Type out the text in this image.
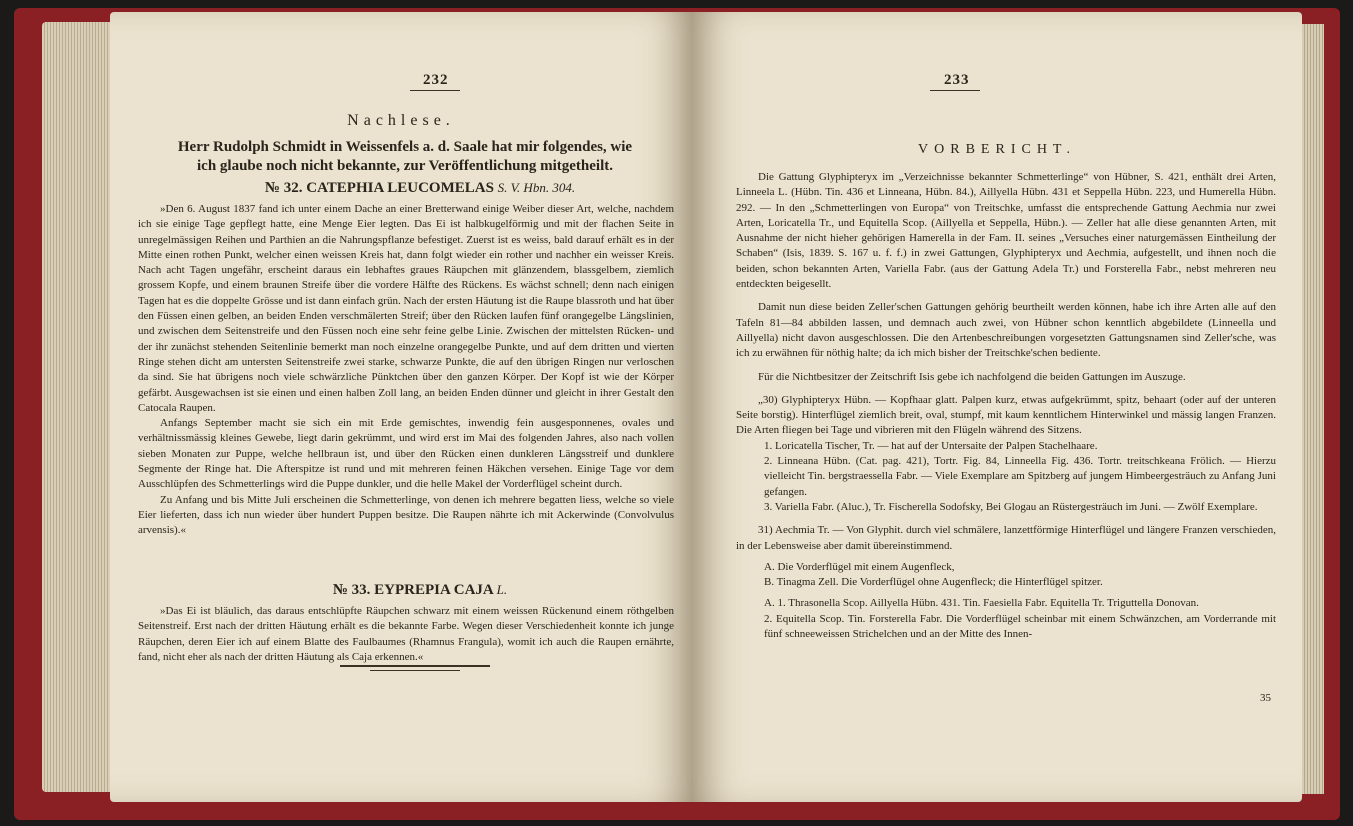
232
Nachlese.
Herr Rudolph Schmidt in Weissenfels a. d. Saale hat mir folgendes, wie ich glaube noch nicht bekannte, zur Veröffentlichung mitgetheilt.
№ 32. CATEPHIA LEUCOMELAS S. V. Hbn. 304.

»Den 6. August 1837 fand ich unter einem Dache an einer Bretterwand einige Weiber dieser Art, welche, nachdem ich sie einige Tage gepflegt hatte, eine Menge Eier legten. Das Ei ist halbkugelförmig und mit der flachen Seite in unregelmässigen Reihen und Parthien an die Nahrungspflanze befestiget. Zuerst ist es weiss, bald darauf erhält es in der Mitte einen rothen Punkt, welcher einen weissen Kreis hat, dann folgt wieder ein rother und nachher ein weisser Kreis. Nach acht Tagen ungefähr, erscheint daraus ein lebhaftes graues Räupchen mit glänzendem, blassgelbem, ziemlich grossem Kopfe, und einem braunen Streife über die vordere Hälfte des Rückens. Es wächst schnell; denn nach einigen Tagen hat es die doppelte Grösse und ist dann einfach grün. Nach der ersten Häutung ist die Raupe blassroth und hat über den Füssen einen gelben, an beiden Enden verschmälerten Streif; über den Rücken laufen fünf orangegelbe Längslinien, und zwischen dem Seitenstreife und den Füssen noch eine sehr feine gelbe Linie. Zwischen der mittelsten Rücken- und der ihr zunächst stehenden Seitenlinie bemerkt man noch einzelne orangegelbe Punkte, und auf dem dritten und vierten Ringe stehen dicht am untersten Seitenstreife zwei starke, schwarze Punkte, die auf den übrigen Ringen nur verloschen da sind. Sie hat übrigens noch viele schwärzliche Pünktchen über den ganzen Körper. Der Kopf ist wie der Körper gefärbt. Ausgewachsen ist sie einen und einen halben Zoll lang, an beiden Enden dünner und gleicht in ihrer Gestalt den Catocala Raupen.

Anfangs September macht sie sich ein mit Erde gemischtes, inwendig fein ausgesponnenes, ovales und verhältnissmässig kleines Gewebe, liegt darin gekrümmt, und wird erst im Mai des folgenden Jahres, also nach vollen sieben Monaten zur Puppe, welche hellbraun ist, und über den Rücken einen dunkleren Längsstreif und dunklere Segmente der Ringe hat. Die Afterspitze ist rund und mit mehreren feinen Häkchen versehen. Einige Tage vor dem Ausschlüpfen des Schmetterlings wird die Puppe dunkler, und die helle Makel der Vorderflügel scheint durch.

Zu Anfang und bis Mitte Juli erscheinen die Schmetterlinge, von denen ich mehrere begatten liess, welche so viele Eier lieferten, dass ich nun wieder über hundert Puppen besitze. Die Raupen nährte ich mit Ackerwinde (Convolvulus arvensis).«

№ 33. EYPREPIA CAJA L.

»Das Ei ist bläulich, das daraus entschlüpfte Räupchen schwarz mit einem weissen Rückenund einem röthgelben Seitenstreif. Erst nach der dritten Häutung erhält es die bekannte Farbe. Wegen dieser Verschiedenheit konnte ich junge Räupchen, deren Eier ich auf einem Blatte des Faulbaumes (Rhamnus Frangula), womit ich auch die Raupen ernährte, fand, nicht eher als nach der dritten Häutung als Caja erkennen.«

233
VORBERICHT.

Die Gattung Glyphipteryx im „Verzeichnisse bekannter Schmetterlinge“ von Hübner, S. 421, enthält drei Arten, Linneela L. (Hübn. Tin. 436 et Linneana, Hübn. 84.), Aillyella Hübn. 431 et Seppella Hübn. 223, und Humerella Hübn. 292. — In den „Schmetterlingen von Europa“ von Treitschke, umfasst die entsprechende Gattung Aechmia nur zwei Arten, Loricatella Tr., und Equitella Scop. (Aillyella et Seppella, Hübn.). — Zeller hat alle diese genannten Arten, mit Ausnahme der nicht hieher gehörigen Hamerella in der Fam. II. seines „Versuches einer naturgemässen Eintheilung der Schaben“ (Isis, 1839. S. 167 u. f. f.) in zwei Gattungen, Glyphipteryx und Aechmia, aufgestellt, und ihnen noch die beiden, schon bekannten Arten, Variella Fabr. (aus der Gattung Adela Tr.) und Forsterella Fabr., nebst mehreren neu entdeckten beigesellt.

Damit nun diese beiden Zeller'schen Gattungen gehörig beurtheilt werden können, habe ich ihre Arten alle auf den Tafeln 81—84 abbilden lassen, und demnach auch zwei, von Hübner schon kenntlich abgebildete (Linneella und Aillyella) nicht davon ausgeschlossen. Die den Artenbeschreibungen vorgesetzten Gattungsnamen sind Zeller'sche, was ich zu erwähnen für nöthig halte; da ich mich bisher der Treitschke'schen bediente.

Für die Nichtbesitzer der Zeitschrift Isis gebe ich nachfolgend die beiden Gattungen im Auszuge.

„30) Glyphipteryx Hübn. — Kopfhaar glatt. Palpen kurz, etwas aufgekrümmt, spitz, behaart (oder auf der unteren Seite borstig). Hinterflügel ziemlich breit, oval, stumpf, mit kaum kenntlichem Hinterwinkel und mässig langen Franzen. Die Arten fliegen bei Tage und vibrieren mit den Flügeln während des Sitzens.

1. Loricatella Tischer, Tr. — hat auf der Untersaite der Palpen Stachelhaare.

2. Linneana Hübn. (Cat. pag. 421), Tortr. Fig. 84, Linneella Fig. 436. Tortr. treitschkeana Frölich. — Hierzu vielleicht Tin. bergstraessella Fabr. — Viele Exemplare am Spitzberg auf jungem Himbeergesträuch zu Anfang Juni gefangen.

3. Variella Fabr. (Aluc.), Tr. Fischerella Sodofsky, Bei Glogau an Rüstergesträuch im Juni. — Zwölf Exemplare.

31) Aechmia Tr. — Von Glyphit. durch viel schmälere, lanzettförmige Hinterflügel und längere Franzen verschieden, in der Lebensweise aber damit übereinstimmend.

A. Die Vorderflügel mit einem Augenfleck,

B. Tinagma Zell. Die Vorderflügel ohne Augenfleck; die Hinterflügel spitzer.

A. 1. Thrasonella Scop. Aillyella Hübn. 431. Tin. Faesiella Fabr. Equitella Tr. Triguttella Donovan.

2. Equitella Scop. Tin. Forsterella Fabr. Die Vorderflügel scheinbar mit einem Schwänzchen, am Vorderrande mit fünf schneeweissen Strichelchen und an der Mitte des Innen-

35
